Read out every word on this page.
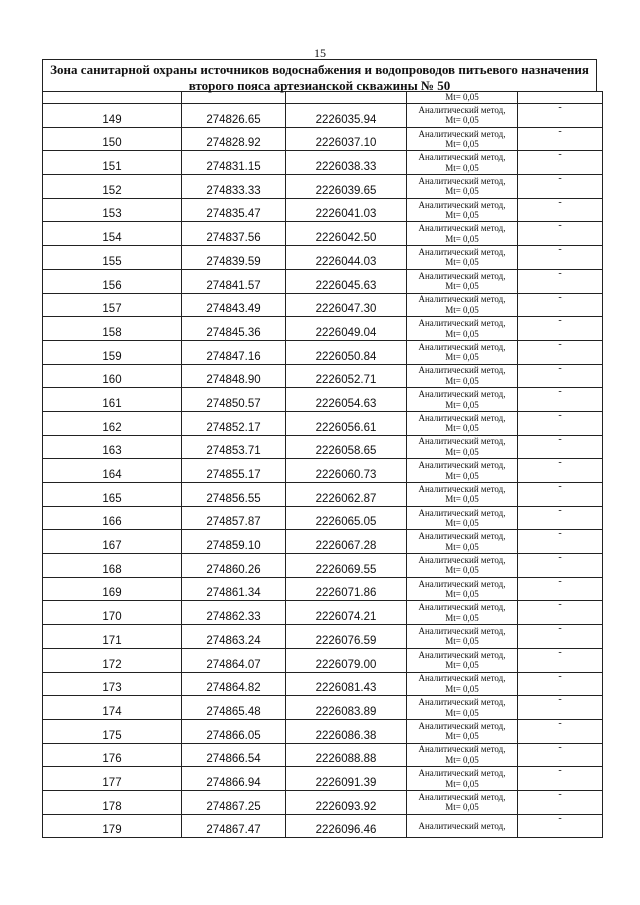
15
Зона санитарной охраны источников водоснабжения и водопроводов питьевого назначения
второго пояса артезианской скважины № 50
			Mt= 0,05	
149	274826.65	2226035.94	Аналитический метод,
Mt= 0,05	-
150	274828.92	2226037.10	Аналитический метод,
Mt= 0,05	-
151	274831.15	2226038.33	Аналитический метод,
Mt= 0,05	-
152	274833.33	2226039.65	Аналитический метод,
Mt= 0,05	-
153	274835.47	2226041.03	Аналитический метод,
Mt= 0,05	-
154	274837.56	2226042.50	Аналитический метод,
Mt= 0,05	-
155	274839.59	2226044.03	Аналитический метод,
Mt= 0,05	-
156	274841.57	2226045.63	Аналитический метод,
Mt= 0,05	-
157	274843.49	2226047.30	Аналитический метод,
Mt= 0,05	-
158	274845.36	2226049.04	Аналитический метод,
Mt= 0,05	-
159	274847.16	2226050.84	Аналитический метод,
Mt= 0,05	-
160	274848.90	2226052.71	Аналитический метод,
Mt= 0,05	-
161	274850.57	2226054.63	Аналитический метод,
Mt= 0,05	-
162	274852.17	2226056.61	Аналитический метод,
Mt= 0,05	-
163	274853.71	2226058.65	Аналитический метод,
Mt= 0,05	-
164	274855.17	2226060.73	Аналитический метод,
Mt= 0,05	-
165	274856.55	2226062.87	Аналитический метод,
Mt= 0,05	-
166	274857.87	2226065.05	Аналитический метод,
Mt= 0,05	-
167	274859.10	2226067.28	Аналитический метод,
Mt= 0,05	-
168	274860.26	2226069.55	Аналитический метод,
Mt= 0,05	-
169	274861.34	2226071.86	Аналитический метод,
Mt= 0,05	-
170	274862.33	2226074.21	Аналитический метод,
Mt= 0,05	-
171	274863.24	2226076.59	Аналитический метод,
Mt= 0,05	-
172	274864.07	2226079.00	Аналитический метод,
Mt= 0,05	-
173	274864.82	2226081.43	Аналитический метод,
Mt= 0,05	-
174	274865.48	2226083.89	Аналитический метод,
Mt= 0,05	-
175	274866.05	2226086.38	Аналитический метод,
Mt= 0,05	-
176	274866.54	2226088.88	Аналитический метод,
Mt= 0,05	-
177	274866.94	2226091.39	Аналитический метод,
Mt= 0,05	-
178	274867.25	2226093.92	Аналитический метод,
Mt= 0,05	-
179	274867.47	2226096.46	Аналитический метод,	-
